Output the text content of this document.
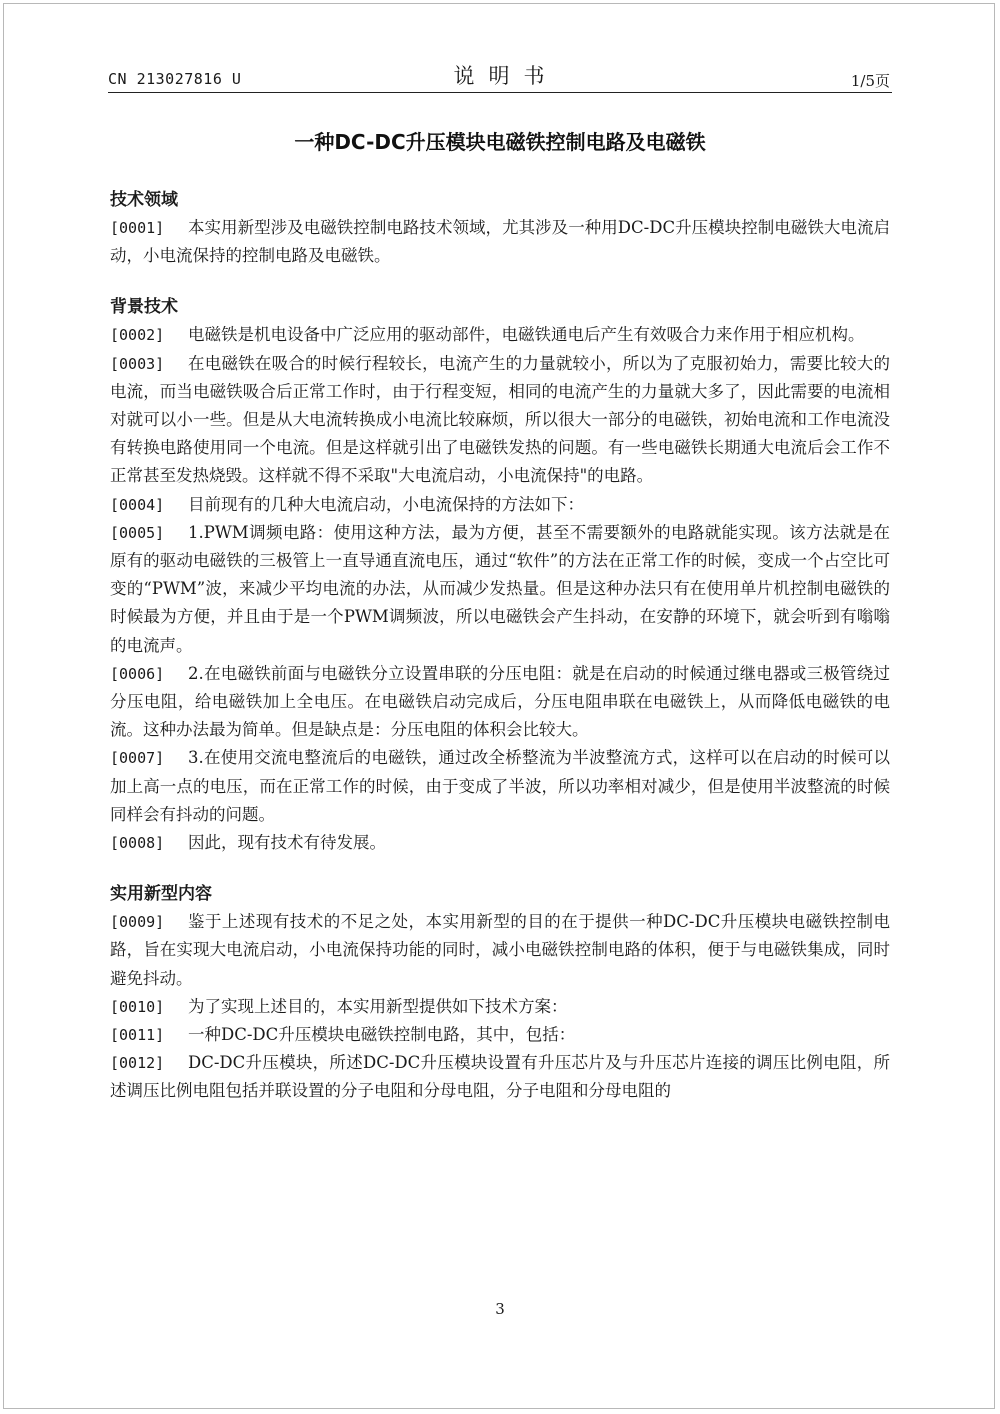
CN 213027816 U	说明书	1/5页
一种DC-DC升压模块电磁铁控制电路及电磁铁
技术领域

[0001] 本实用新型涉及电磁铁控制电路技术领域，尤其涉及一种用DC-DC升压模块控制电磁铁大电流启动，小电流保持的控制电路及电磁铁。

背景技术

[0002] 电磁铁是机电设备中广泛应用的驱动部件，电磁铁通电后产生有效吸合力来作用于相应机构。

[0003] 在电磁铁在吸合的时候行程较长，电流产生的力量就较小，所以为了克服初始力，需要比较大的电流，而当电磁铁吸合后正常工作时，由于行程变短，相同的电流产生的力量就大多了，因此需要的电流相对就可以小一些。但是从大电流转换成小电流比较麻烦，所以很大一部分的电磁铁，初始电流和工作电流没有转换电路使用同一个电流。但是这样就引出了电磁铁发热的问题。有一些电磁铁长期通大电流后会工作不正常甚至发热烧毁。这样就不得不采取"大电流启动，小电流保持"的电路。

[0004] 目前现有的几种大电流启动，小电流保持的方法如下：

[0005] 1.PWM调频电路：使用这种方法，最为方便，甚至不需要额外的电路就能实现。该方法就是在原有的驱动电磁铁的三极管上一直导通直流电压，通过“软件”的方法在正常工作的时候，变成一个占空比可变的“PWM”波，来减少平均电流的办法，从而减少发热量。但是这种办法只有在使用单片机控制电磁铁的时候最为方便，并且由于是一个PWM调频波，所以电磁铁会产生抖动，在安静的环境下，就会听到有嗡嗡的电流声。

[0006] 2.在电磁铁前面与电磁铁分立设置串联的分压电阻：就是在启动的时候通过继电器或三极管绕过分压电阻，给电磁铁加上全电压。在电磁铁启动完成后，分压电阻串联在电磁铁上，从而降低电磁铁的电流。这种办法最为简单。但是缺点是：分压电阻的体积会比较大。

[0007] 3.在使用交流电整流后的电磁铁，通过改全桥整流为半波整流方式，这样可以在启动的时候可以加上高一点的电压，而在正常工作的时候，由于变成了半波，所以功率相对减少，但是使用半波整流的时候同样会有抖动的问题。

[0008] 因此，现有技术有待发展。

实用新型内容

[0009] 鉴于上述现有技术的不足之处，本实用新型的目的在于提供一种DC-DC升压模块电磁铁控制电路，旨在实现大电流启动，小电流保持功能的同时，减小电磁铁控制电路的体积，便于与电磁铁集成，同时避免抖动。

[0010] 为了实现上述目的，本实用新型提供如下技术方案：

[0011] 一种DC-DC升压模块电磁铁控制电路，其中，包括：

[0012] DC-DC升压模块，所述DC-DC升压模块设置有升压芯片及与升压芯片连接的调压比例电阻，所述调压比例电阻包括并联设置的分子电阻和分母电阻，分子电阻和分母电阻的

3
